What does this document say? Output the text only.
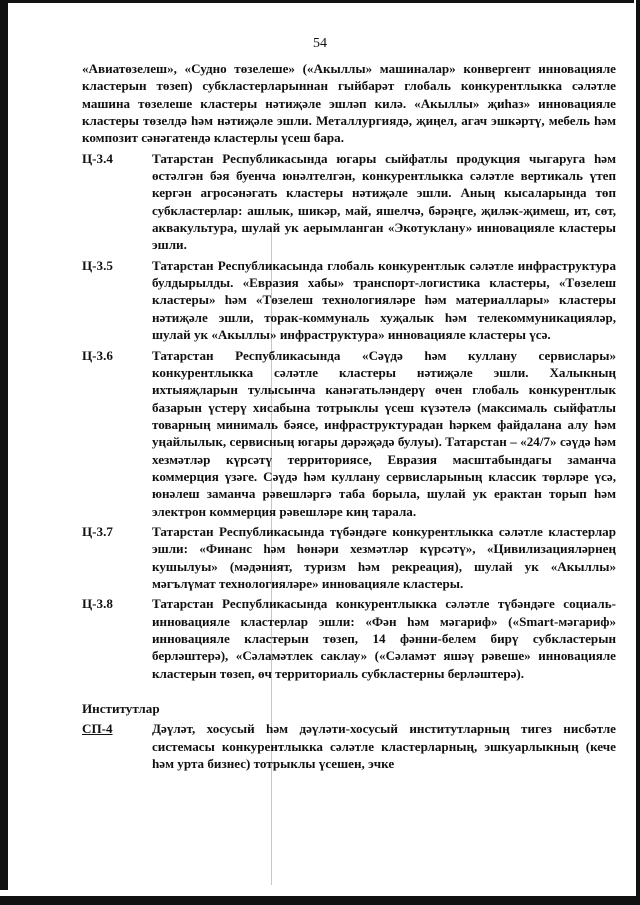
54

«Авиатөзелеш», «Судно төзелеше» («Акыллы» машиналар» конвергент инновацияле кластерын төзеп) субкластерларыннан гыйбарәт глобаль конкурентлыкка сәләтле машина төзелеше кластеры нәтиҗәле эшләп килә. «Акыллы» җиһаз» инновацияле кластеры төзелдә һәм нәтиҗәле эшли. Металлургиядә, җиңел, агач эшкәртү, мебель һәм композит сәнәгатендә кластерлы үсеш бара.

Ц-3.4	Татарстан Республикасында югары сыйфатлы продукция чыгаруга һәм өстәлгән бәя буенча юнәлтелгән, конкурентлыкка сәләтле вертикаль үтеп кергән агросәнәгать кластеры нәтиҗәле эшли. Аның кысаларында төп субкластерлар: ашлык, шикәр, май, яшелчә, бәрәңге, җиләк-җимеш, ит, сөт, аквакультура, шулай ук аерымланган «Экотуклану» инновацияле кластеры эшли.
Ц-3.5	Татарстан Республикасында глобаль конкурентлык сәләтле инфраструктура булдырылды. «Евразия хабы» транспорт-логистика кластеры, «Төзелеш кластеры» һәм «Төзелеш технологияләре һәм материаллары» кластеры нәтиҗәле эшли, торак-коммуналь хуҗалык һәм телекоммуникацияләр, шулай ук «Акыллы» инфраструктура» инновацияле кластеры үсә.
Ц-3.6	Татарстан Республикасында «Сәүдә һәм куллану сервислары» конкурентлыкка сәләтле кластеры нәтиҗәле эшли. Халыкның ихтыяҗларын тулысынча канәгатьләндерү өчен глобаль конкурентлык базарын үстерү хисабына тотрыклы үсеш күзәтелә (максималь сыйфатлы товарның минималь бәясе, инфраструктурадан һәркем файдалана алу һәм уңайлылык, сервисның югары дәрәҗәдә булуы). Татарстан – «24/7» сәүдә һәм хезмәтләр күрсәтү территориясе, Евразия масштабындагы заманча коммерция үзәге. Сәүдә һәм куллану сервисларының классик төрләре үсә, юнәлеш заманча рәвешләргә таба борыла, шулай ук ерактан торып һәм электрон коммерция рәвешләре киң тарала.
Ц-3.7	Татарстан Республикасында түбәндәге конкурентлыкка сәләтле кластерлар эшли: «Финанс һәм һөнәри хезмәтләр күрсәтү», «Цивилизацияләрнең кушылуы» (мәдәният, туризм һәм рекреация), шулай ук «Акыллы» мәгълүмат технологияләре» инновацияле кластеры.
Ц-3.8	Татарстан Республикасында конкурентлыкка сәләтле түбәндәге социаль-инновацияле кластерлар эшли: «Фән һәм мәгариф» («Smart-мәгариф» инновацияле кластерын төзеп, 14 фәнни-белем бирү субкластерын берләштерә), «Сәламәтлек саклау» («Сәламәт яшәү рәвеше» инновацияле кластерын төзеп, өч территориаль субкластерны берләштерә).
Институтлар
СП-4	Дәүләт, хосусый һәм дәүләти-хосусый институтларның тигез нисбәтле системасы конкурентлыкка сәләтле кластерларның, эшкуарлыкның (кече һәм урта бизнес) тотрыклы үсешен, эчке
